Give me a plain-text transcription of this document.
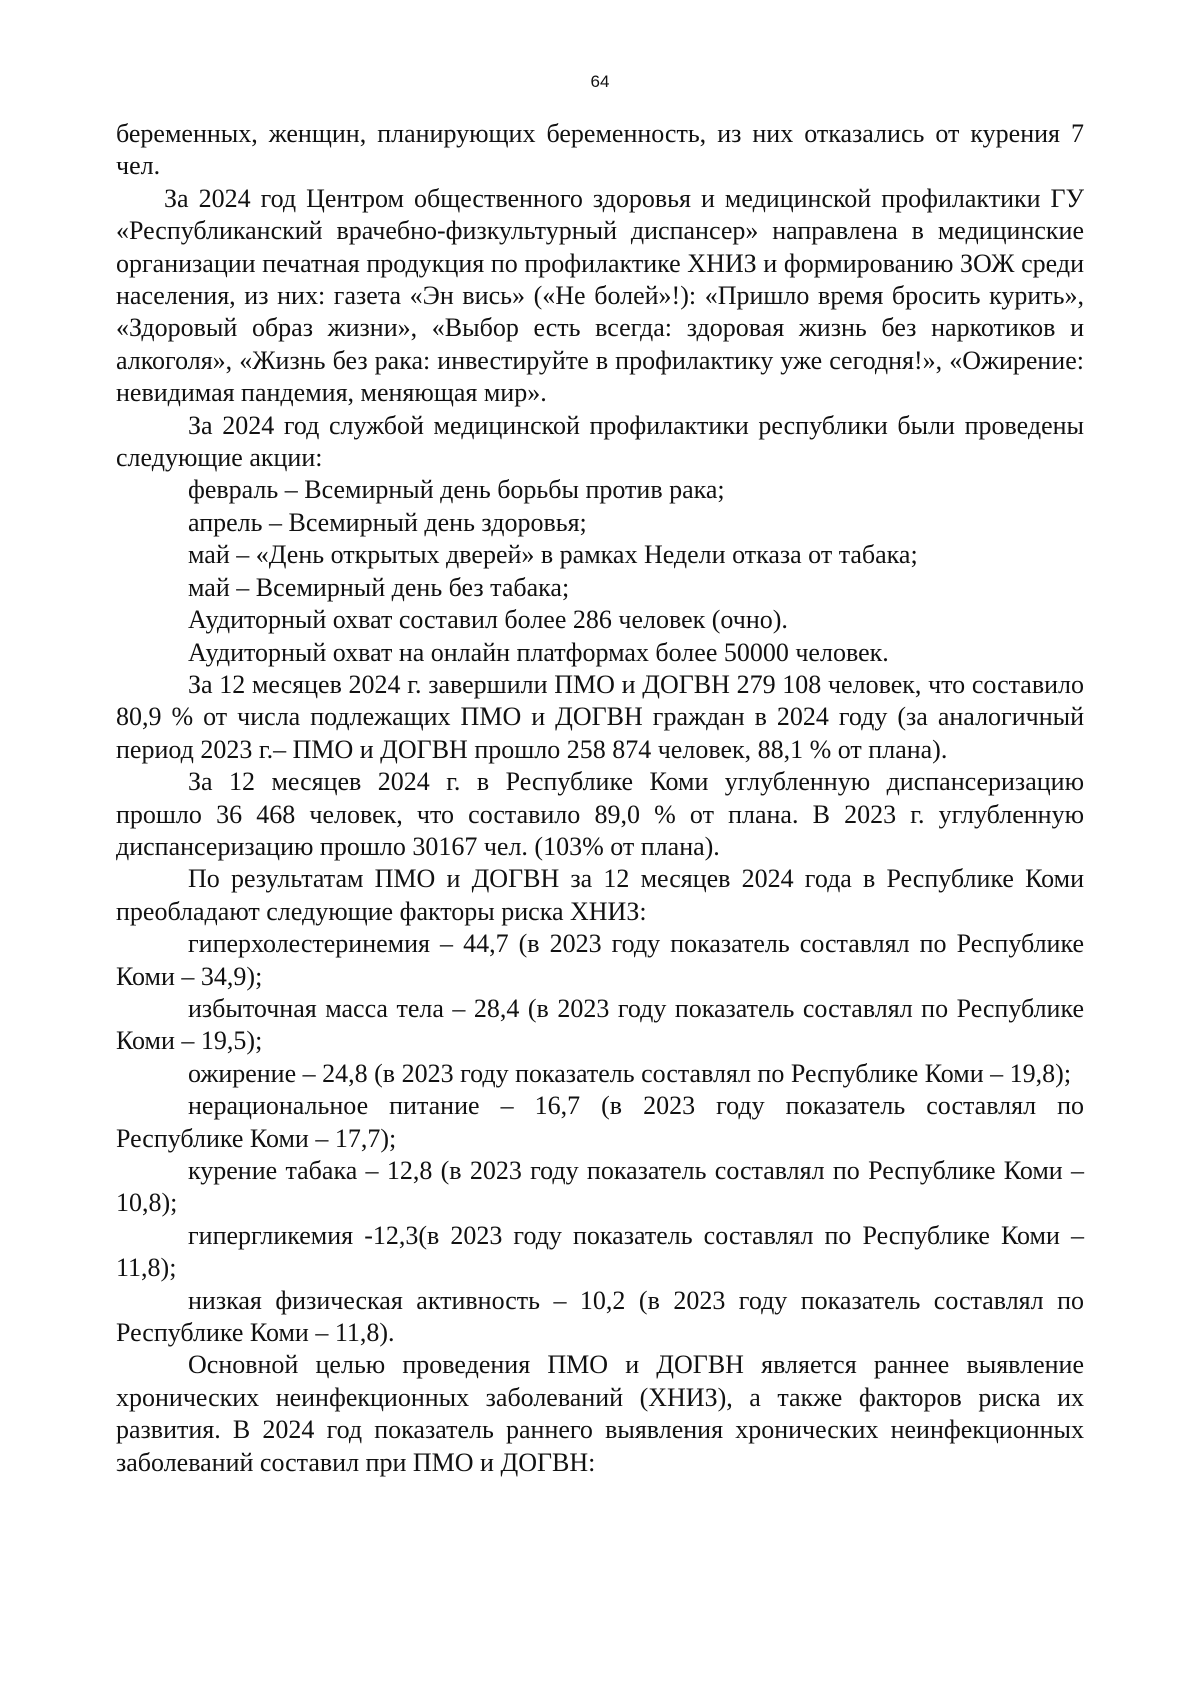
64

беременных, женщин, планирующих беременность, из них отказались от курения 7 чел.

За 2024 год Центром общественного здоровья и медицинской профилактики ГУ «Республиканский врачебно-физкультурный диспансер» направлена в медицинские организации печатная продукция по профилактике ХНИЗ и формированию ЗОЖ среди населения, из них: газета «Эн вись» («Не болей»!): «Пришло время бросить курить», «Здоровый образ жизни», «Выбор есть всегда: здоровая жизнь без наркотиков и алкоголя», «Жизнь без рака: инвестируйте в профилактику уже сегодня!», «Ожирение: невидимая пандемия, меняющая мир».

За 2024 год службой медицинской профилактики республики были проведены следующие акции:

февраль – Всемирный день борьбы против рака;

апрель – Всемирный день здоровья;

май – «День открытых дверей» в рамках Недели отказа от табака;

май – Всемирный день без табака;

Аудиторный охват составил более 286 человек (очно).

Аудиторный охват на онлайн платформах более 50000 человек.

За 12 месяцев 2024 г. завершили ПМО и ДОГВН 279 108 человек, что составило 80,9 % от числа подлежащих ПМО и ДОГВН граждан в 2024 году (за аналогичный период 2023 г.– ПМО и ДОГВН прошло 258 874 человек, 88,1 % от плана).

За 12 месяцев 2024 г. в Республике Коми углубленную диспансеризацию прошло 36 468 человек, что составило 89,0 % от плана. В 2023 г. углубленную диспансеризацию прошло 30167 чел. (103% от плана).

По результатам ПМО и ДОГВН за 12 месяцев 2024 года в Республике Коми преобладают следующие факторы риска ХНИЗ:

гиперхолестеринемия – 44,7 (в 2023 году показатель составлял по Республике Коми – 34,9);

избыточная масса тела – 28,4 (в 2023 году показатель составлял по Республике Коми – 19,5);

ожирение – 24,8 (в 2023 году показатель составлял по Республике Коми – 19,8);

нерациональное питание – 16,7 (в 2023 году показатель составлял по Республике Коми – 17,7);

курение табака – 12,8 (в 2023 году показатель составлял по Республике Коми – 10,8);

гипергликемия -12,3(в 2023 году показатель составлял по Республике Коми – 11,8);

низкая физическая активность – 10,2 (в 2023 году показатель составлял по Республике Коми – 11,8).

Основной целью проведения ПМО и ДОГВН является раннее выявление хронических неинфекционных заболеваний (ХНИЗ), а также факторов риска их развития. В 2024 год показатель раннего выявления хронических неинфекционных заболеваний составил при ПМО и ДОГВН:
